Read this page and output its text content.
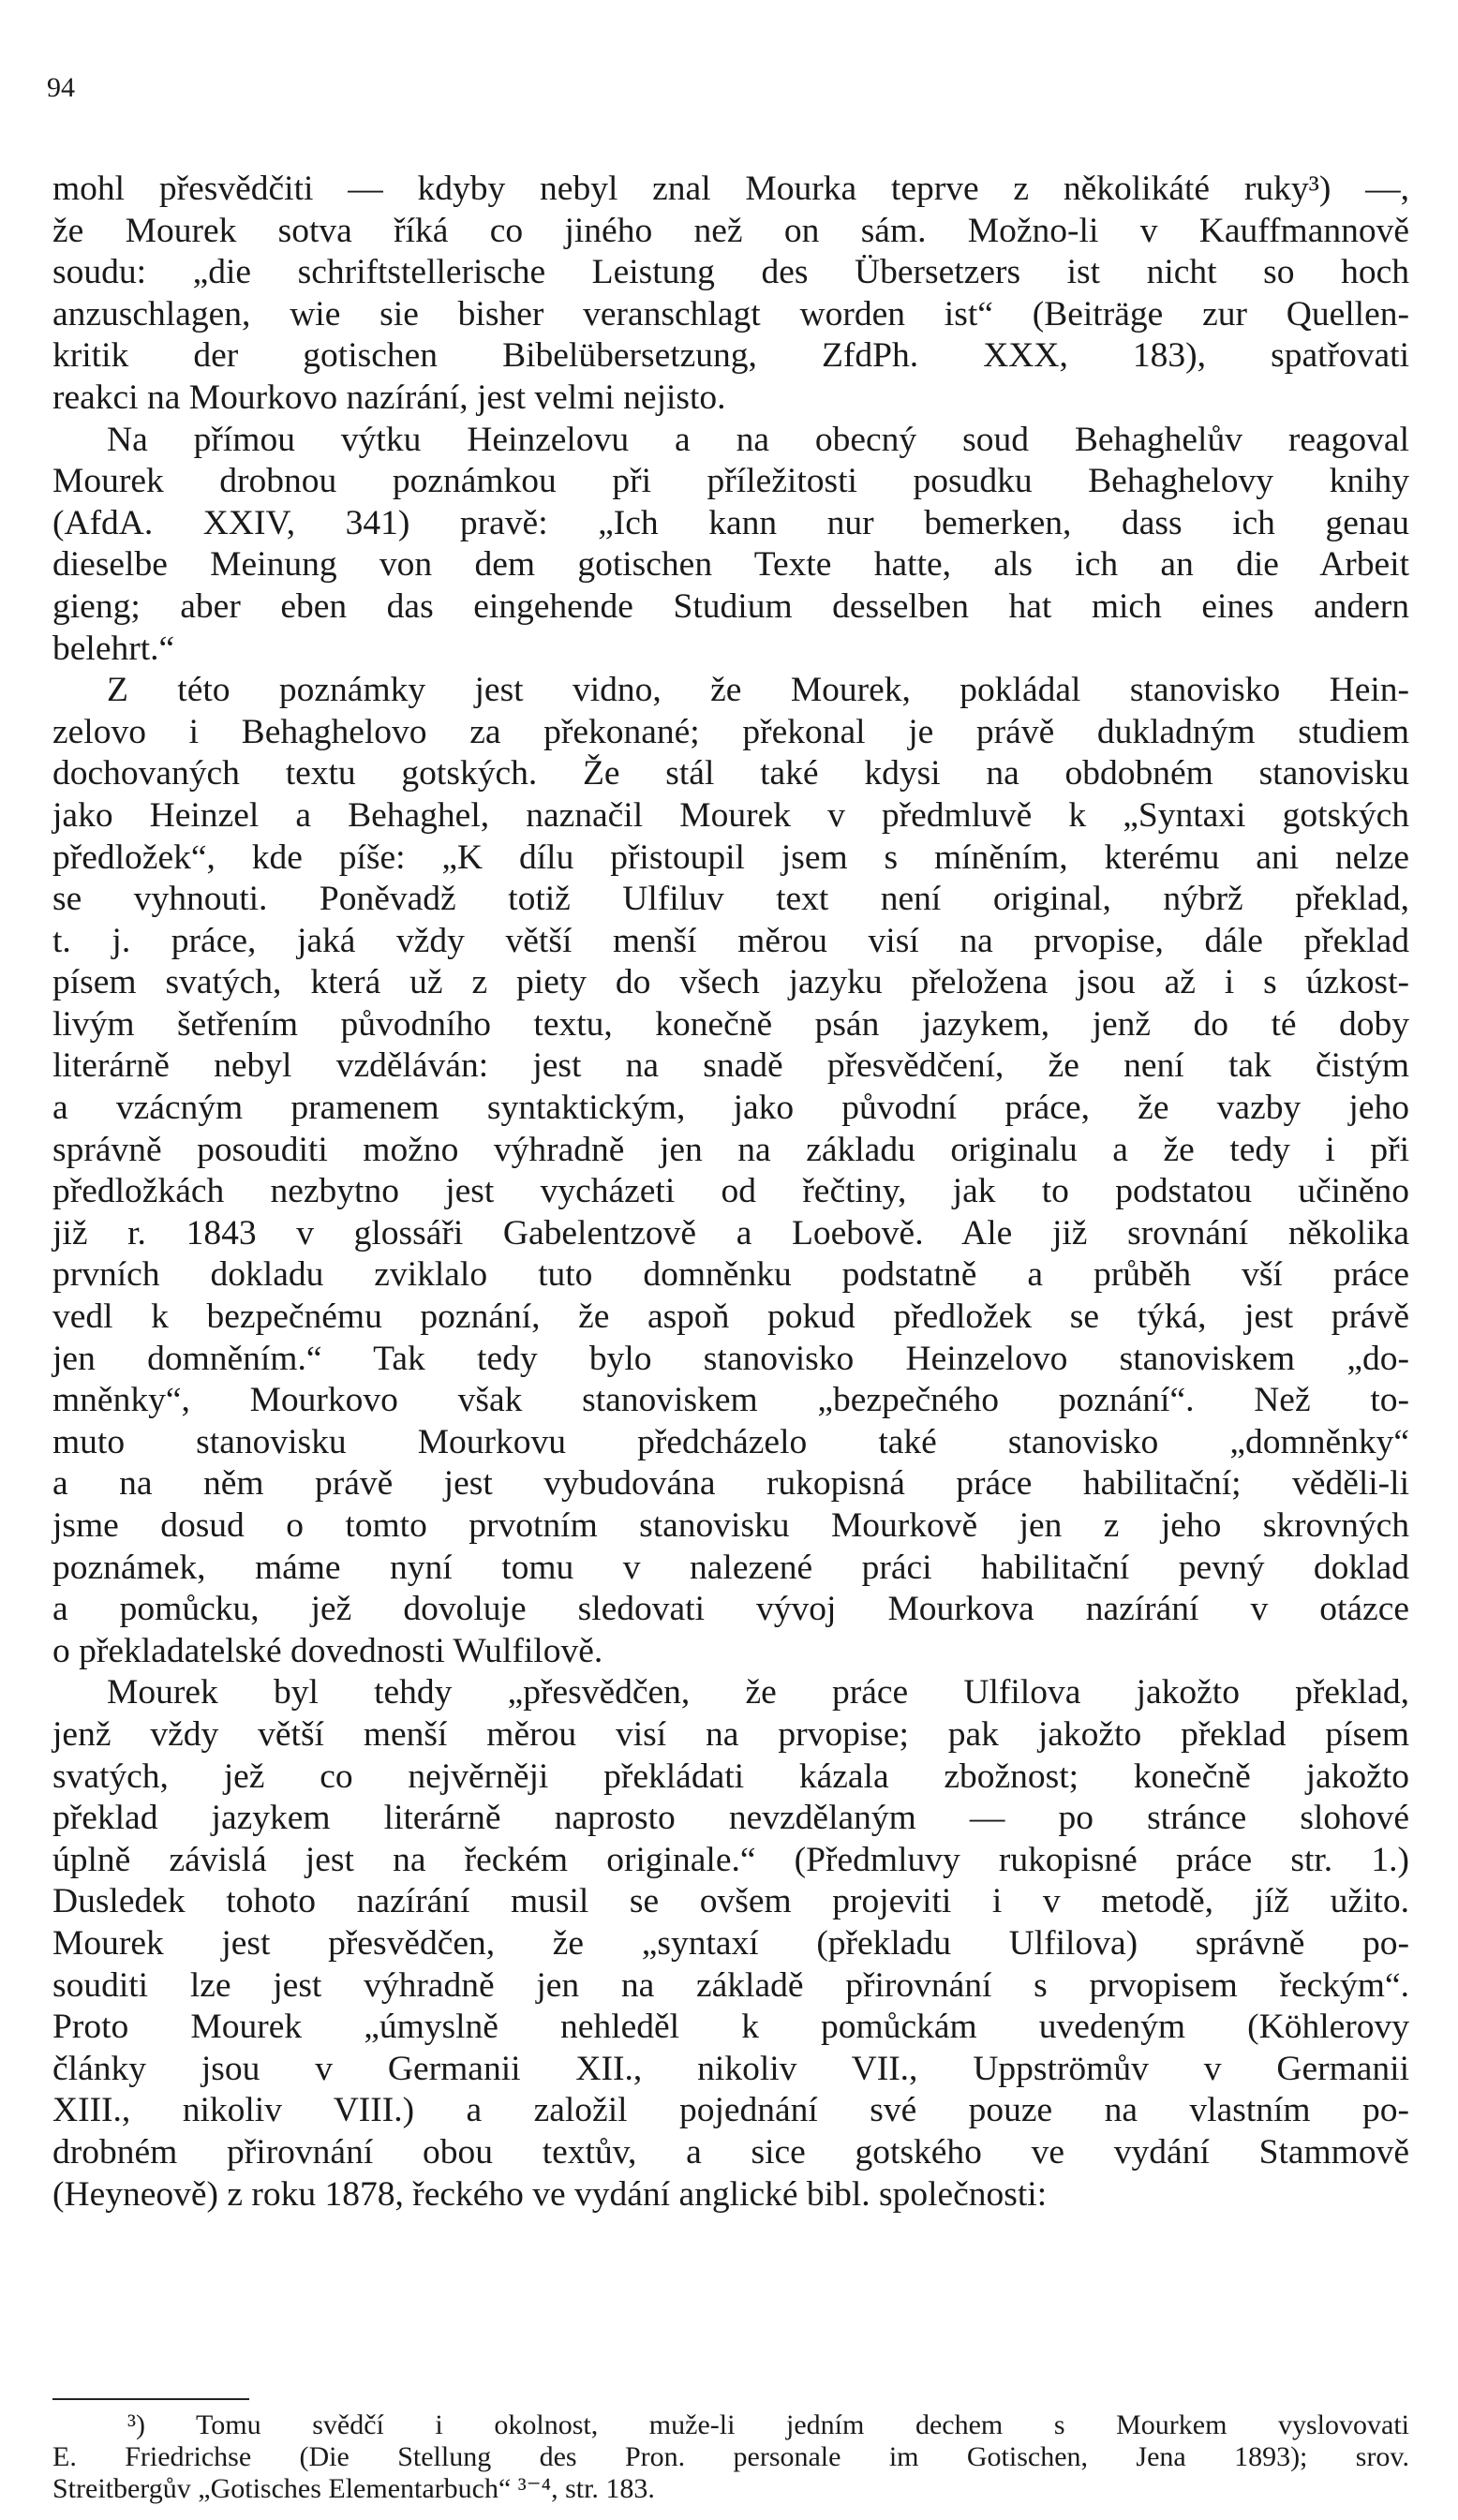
94
mohl přesvědčiti — kdyby nebyl znal Mourka teprve z několikáté ruky³) —,
že Mourek sotva říká co jiného než on sám. Možno-li v Kauffmannově
soudu: „die schriftstellerische Leistung des Übersetzers ist nicht so hoch
anzuschlagen, wie sie bisher veranschlagt worden ist“ (Beiträge zur Quellen-
kritik der gotischen Bibelübersetzung, ZfdPh. XXX, 183), spatřovati
reakci na Mourkovo nazírání, jest velmi nejisto.
Na přímou výtku Heinzelovu a na obecný soud Behaghelův reagoval
Mourek drobnou poznámkou při příležitosti posudku Behaghelovy knihy
(AfdA. XXIV, 341) pravě: „Ich kann nur bemerken, dass ich genau
dieselbe Meinung von dem gotischen Texte hatte, als ich an die Arbeit
gieng; aber eben das eingehende Studium desselben hat mich eines andern
belehrt.“
Z této poznámky jest vidno, že Mourek, pokládal stanovisko Hein-
zelovo i Behaghelovo za překonané; překonal je právě dukladným studiem
dochovaných textu gotských. Že stál také kdysi na obdobném stanovisku
jako Heinzel a Behaghel, naznačil Mourek v předmluvě k „Syntaxi gotských
předložek“, kde píše: „K dílu přistoupil jsem s míněním, kterému ani nelze
se vyhnouti. Poněvadž totiž Ulfiluv text není original, nýbrž překlad,
t. j. práce, jaká vždy větší menší měrou visí na prvopise, dále překlad
písem svatých, která už z piety do všech jazyku přeložena jsou až i s úzkost-
livým šetřením původního textu, konečně psán jazykem, jenž do té doby
literárně nebyl vzděláván: jest na snadě přesvědčení, že není tak čistým
a vzácným pramenem syntaktickým, jako původní práce, že vazby jeho
správně posouditi možno výhradně jen na základu originalu a že tedy i při
předložkách nezbytno jest vycházeti od řečtiny, jak to podstatou učiněno
již r. 1843 v glossáři Gabelentzově a Loebově. Ale již srovnání několika
prvních dokladu zviklalo tuto domněnku podstatně a průběh vší práce
vedl k bezpečnému poznání, že aspoň pokud předložek se týká, jest právě
jen domněním.“ Tak tedy bylo stanovisko Heinzelovo stanoviskem „do-
mněnky“, Mourkovo však stanoviskem „bezpečného poznání“. Než to-
muto stanovisku Mourkovu předcházelo také stanovisko „domněnky“
a na něm právě jest vybudována rukopisná práce habilitační; věděli-li
jsme dosud o tomto prvotním stanovisku Mourkově jen z jeho skrovných
poznámek, máme nyní tomu v nalezené práci habilitační pevný doklad
a pomůcku, jež dovoluje sledovati vývoj Mourkova nazírání v otázce
o překladatelské dovednosti Wulfilově.
Mourek byl tehdy „přesvědčen, že práce Ulfilova jakožto překlad,
jenž vždy větší menší měrou visí na prvopise; pak jakožto překlad písem
svatých, jež co nejvěrněji překládati kázala zbožnost; konečně jakožto
překlad jazykem literárně naprosto nevzdělaným — po stránce slohové
úplně závislá jest na řeckém originale.“ (Předmluvy rukopisné práce str. 1.)
Dusledek tohoto nazírání musil se ovšem projeviti i v metodě, jíž užito.
Mourek jest přesvědčen, že „syntaxí (překladu Ulfilova) správně po-
souditi lze jest výhradně jen na základě přirovnání s prvopisem řeckým“.
Proto Mourek „úmyslně nehleděl k pomůckám uvedeným (Köhlerovy
články jsou v Germanii XII., nikoliv VII., Uppströmův v Germanii
XIII., nikoliv VIII.) a založil pojednání své pouze na vlastním po-
drobném přirovnání obou textův, a sice gotského ve vydání Stammově
(Heyneově) z roku 1878, řeckého ve vydání anglické bibl. společnosti:
³) Tomu svědčí i okolnost, muže-li jedním dechem s Mourkem vyslovovati
E. Friedrichse (Die Stellung des Pron. personale im Gotischen, Jena 1893); srov.
Streitbergův „Gotisches Elementarbuch“ ³⁻⁴, str. 183.
